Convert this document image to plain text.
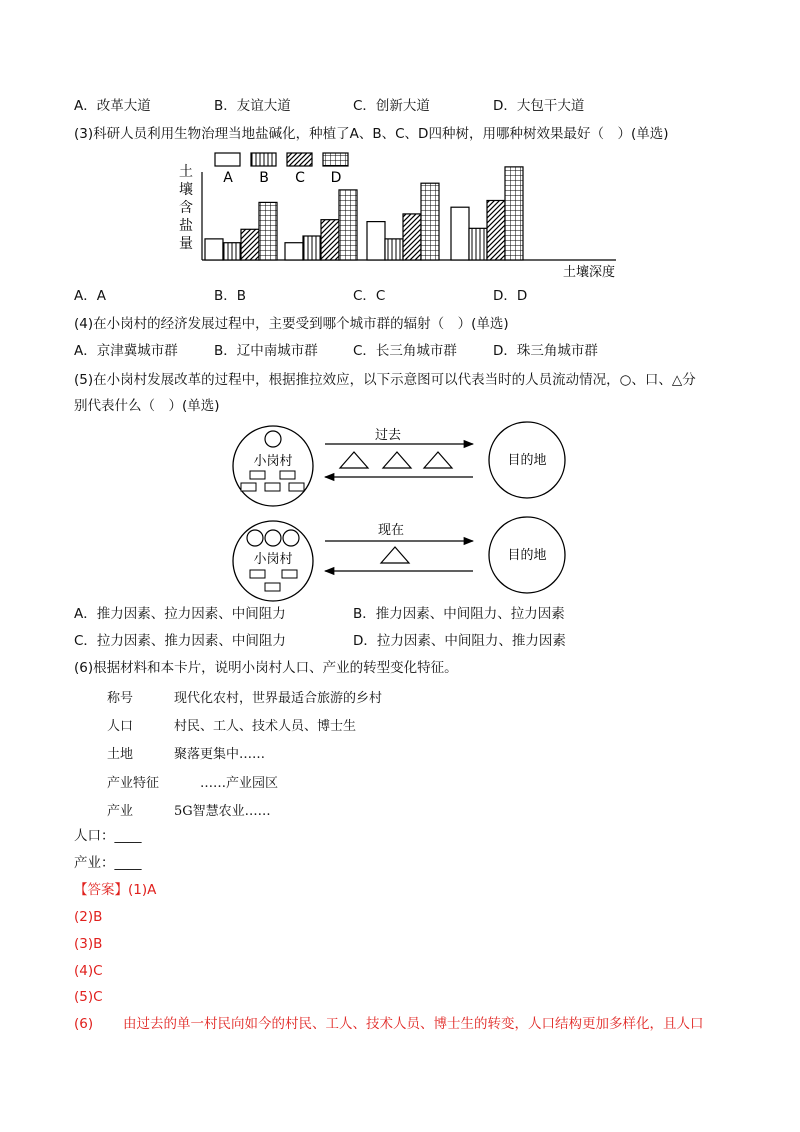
A．改革大道	B．友谊大道	C．创新大道	D．大包干大道
(3)科研人员利用生物治理当地盐碱化，种植了A、B、C、D四种树，用哪种树效果最好（　）(单选)
A B C D
土壤含盐量
土壤深度
A．A	B．B	C．C	D．D
(4)在小岗村的经济发展过程中，主要受到哪个城市群的辐射（　）(单选)
A．京津冀城市群	B．辽中南城市群	C．长三角城市群	D．珠三角城市群
(5)在小岗村发展改革的过程中，根据推拉效应，以下示意图可以代表当时的人员流动情况，○、口、△分
别代表什么（　）(单选)
小岗村
过去
目的地
小岗村
现在
目的地
A．推力因素、拉力因素、中间阻力	B．推力因素、中间阻力、拉力因素
C．拉力因素、推力因素、中间阻力	D．拉力因素、中间阻力、推力因素
(6)根据材料和本卡片，说明小岗村人口、产业的转型变化特征。
称号	现代化农村，世界最适合旅游的乡村
人口	村民、工人、技术人员、博士生
土地	聚落更集中……
产业特征	……产业园区
产业	5G智慧农业……
人口：____
产业：____
【答案】(1)A
(2)B
(3)B
(4)C
(5)C
(6) 由过去的单一村民向如今的村民、工人、技术人员、博士生的转变，人口结构更加多样化，且人口
